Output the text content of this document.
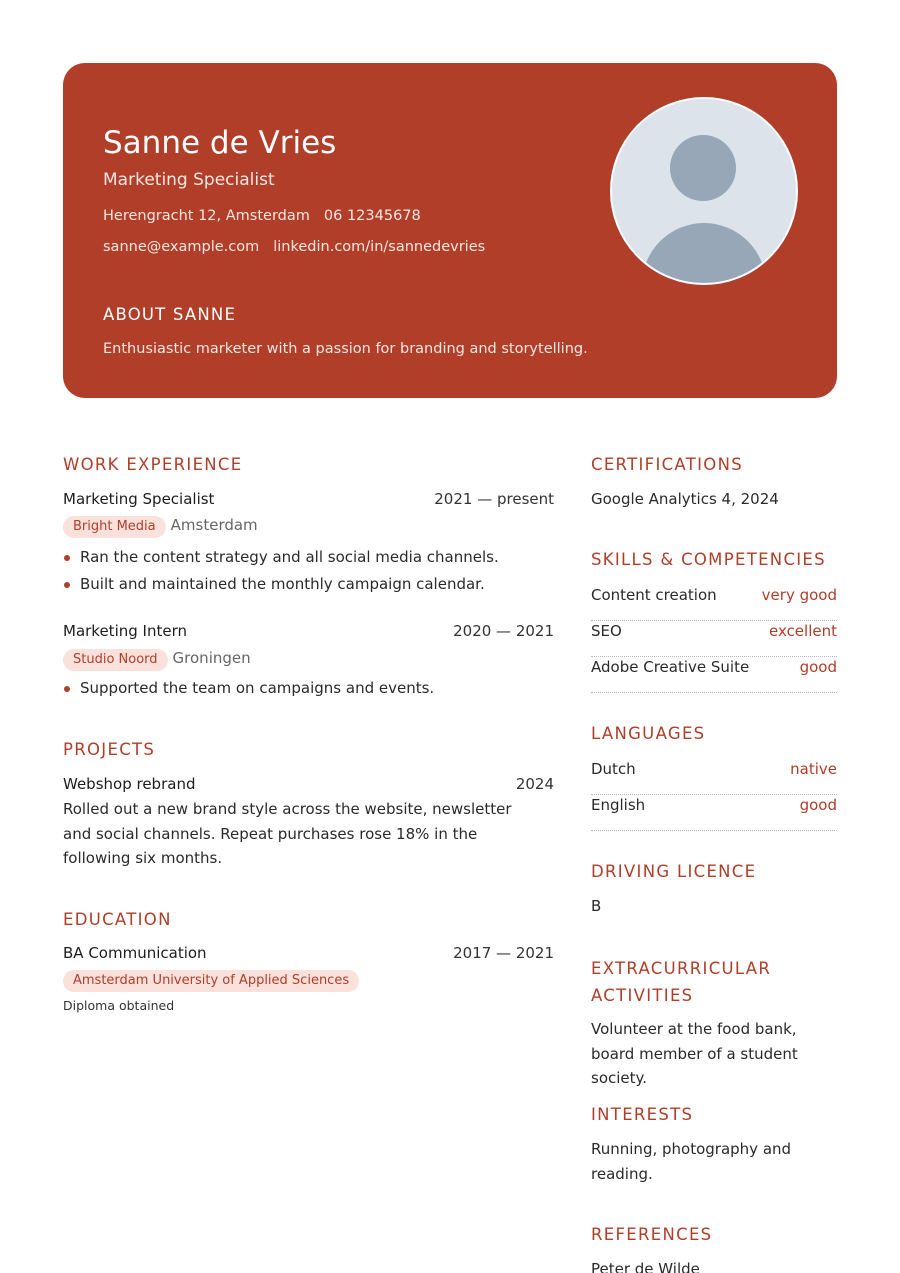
Sanne de Vries
Marketing Specialist
Herengracht 12, Amsterdam 06 12345678
sanne@example.com linkedin.com/in/sannedevries
ABOUT SANNE
Enthusiastic marketer with a passion for branding and storytelling.
WORK EXPERIENCE
Marketing Specialist	2021 — present
Bright Media Amsterdam
Ran the content strategy and all social media channels.
Built and maintained the monthly campaign calendar.
Marketing Intern	2020 — 2021
Studio Noord Groningen
Supported the team on campaigns and events.
PROJECTS
Webshop rebrand	2024
Rolled out a new brand style across the website, newsletter and social channels. Repeat purchases rose 18% in the following six months.
EDUCATION
BA Communication	2017 — 2021
Amsterdam University of Applied Sciences
Diploma obtained
CERTIFICATIONS
Google Analytics 4, 2024
SKILLS & COMPETENCIES
Content creation	very good
SEO	excellent
Adobe Creative Suite	good
LANGUAGES
Dutch	native
English	good
DRIVING LICENCE
B
EXTRACURRICULAR ACTIVITIES
Volunteer at the food bank, board member of a student society.
INTERESTS
Running, photography and reading.
REFERENCES
Peter de Wilde
